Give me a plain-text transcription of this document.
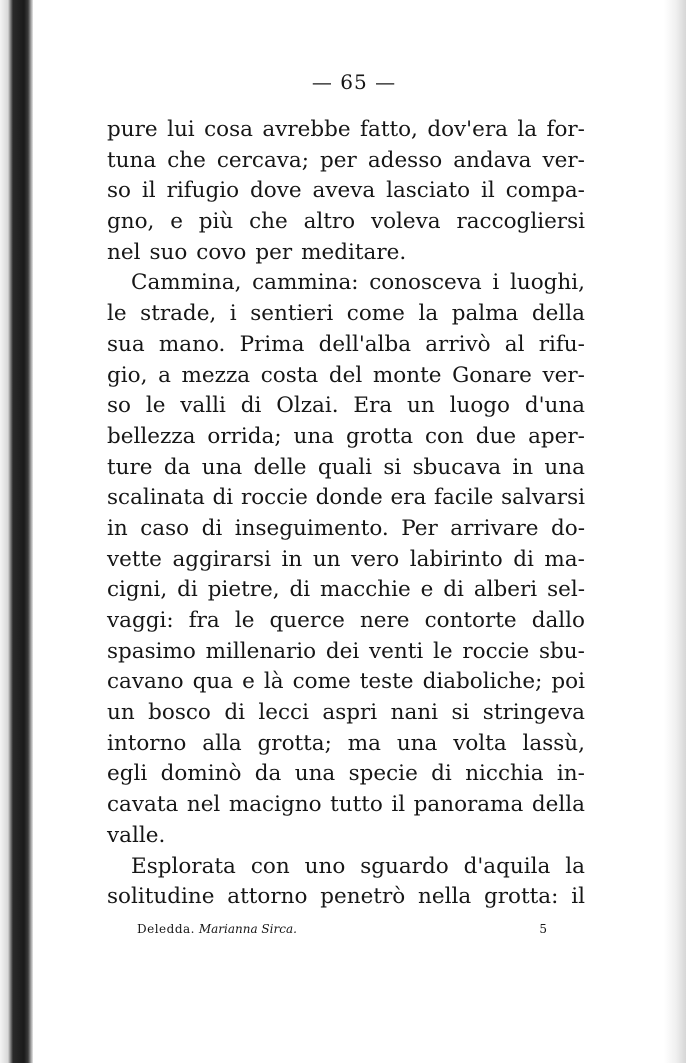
— 65 —
pure lui cosa avrebbe fatto, dov'era la for-
tuna che cercava; per adesso andava ver-
so il rifugio dove aveva lasciato il compa-
gno, e più che altro voleva raccogliersi
nel suo covo per meditare.
Cammina, cammina: conosceva i luoghi,
le strade, i sentieri come la palma della
sua mano. Prima dell'alba arrivò al rifu-
gio, a mezza costa del monte Gonare ver-
so le valli di Olzai. Era un luogo d'una
bellezza orrida; una grotta con due aper-
ture da una delle quali si sbucava in una
scalinata di roccie donde era facile salvarsi
in caso di inseguimento. Per arrivare do-
vette aggirarsi in un vero labirinto di ma-
cigni, di pietre, di macchie e di alberi sel-
vaggi: fra le querce nere contorte dallo
spasimo millenario dei venti le roccie sbu-
cavano qua e là come teste diaboliche; poi
un bosco di lecci aspri nani si stringeva
intorno alla grotta; ma una volta lassù,
egli dominò da una specie di nicchia in-
cavata nel macigno tutto il panorama della
valle.
Esplorata con uno sguardo d'aquila la
solitudine attorno penetrò nella grotta: il
Deledda. Marianna Sirca.	5
